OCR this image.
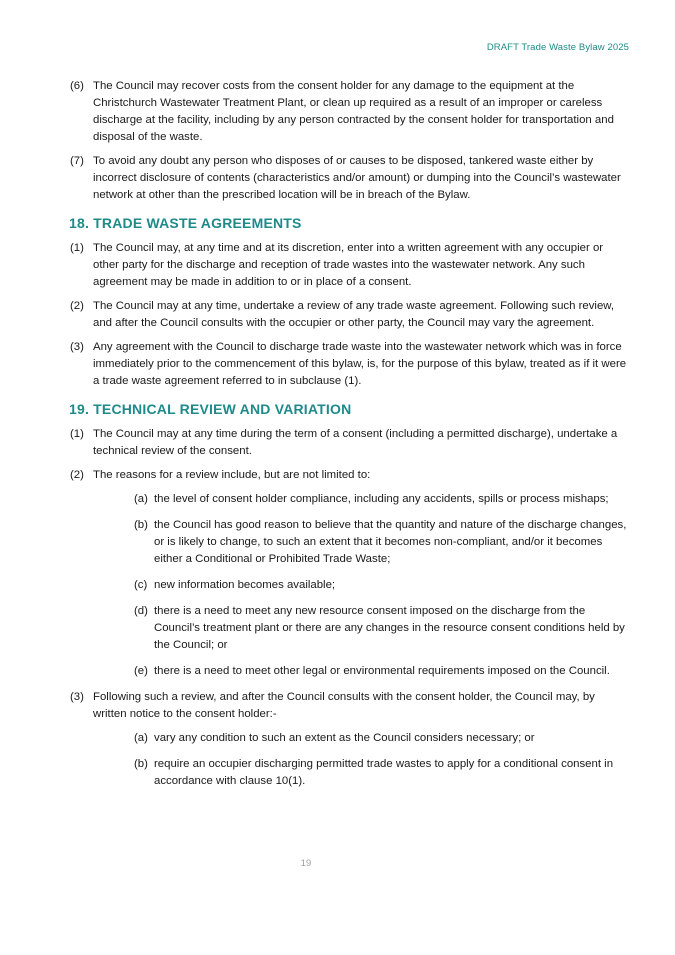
DRAFT Trade Waste Bylaw 2025
(6) The Council may recover costs from the consent holder for any damage to the equipment at the Christchurch Wastewater Treatment Plant, or clean up required as a result of an improper or careless discharge at the facility, including by any person contracted by the consent holder for transportation and disposal of the waste.
(7) To avoid any doubt any person who disposes of or causes to be disposed, tankered waste either by incorrect disclosure of contents (characteristics and/or amount) or dumping into the Council’s wastewater network at other than the prescribed location will be in breach of the Bylaw.
18. TRADE WASTE AGREEMENTS
(1) The Council may, at any time and at its discretion, enter into a written agreement with any occupier or other party for the discharge and reception of trade wastes into the wastewater network. Any such agreement may be made in addition to or in place of a consent.
(2) The Council may at any time, undertake a review of any trade waste agreement. Following such review, and after the Council consults with the occupier or other party, the Council may vary the agreement.
(3) Any agreement with the Council to discharge trade waste into the wastewater network which was in force immediately prior to the commencement of this bylaw, is, for the purpose of this bylaw, treated as if it were a trade waste agreement referred to in subclause (1).
19. TECHNICAL REVIEW AND VARIATION
(1) The Council may at any time during the term of a consent (including a permitted discharge), undertake a technical review of the consent.
(2) The reasons for a review include, but are not limited to:
(a) the level of consent holder compliance, including any accidents, spills or process mishaps;
(b) the Council has good reason to believe that the quantity and nature of the discharge changes, or is likely to change, to such an extent that it becomes non-compliant, and/or it becomes either a Conditional or Prohibited Trade Waste;
(c) new information becomes available;
(d) there is a need to meet any new resource consent imposed on the discharge from the Council’s treatment plant or there are any changes in the resource consent conditions held by the Council; or
(e) there is a need to meet other legal or environmental requirements imposed on the Council.
(3) Following such a review, and after the Council consults with the consent holder, the Council may, by written notice to the consent holder:-
(a) vary any condition to such an extent as the Council considers necessary; or
(b) require an occupier discharging permitted trade wastes to apply for a conditional consent in accordance with clause 10(1).
19
